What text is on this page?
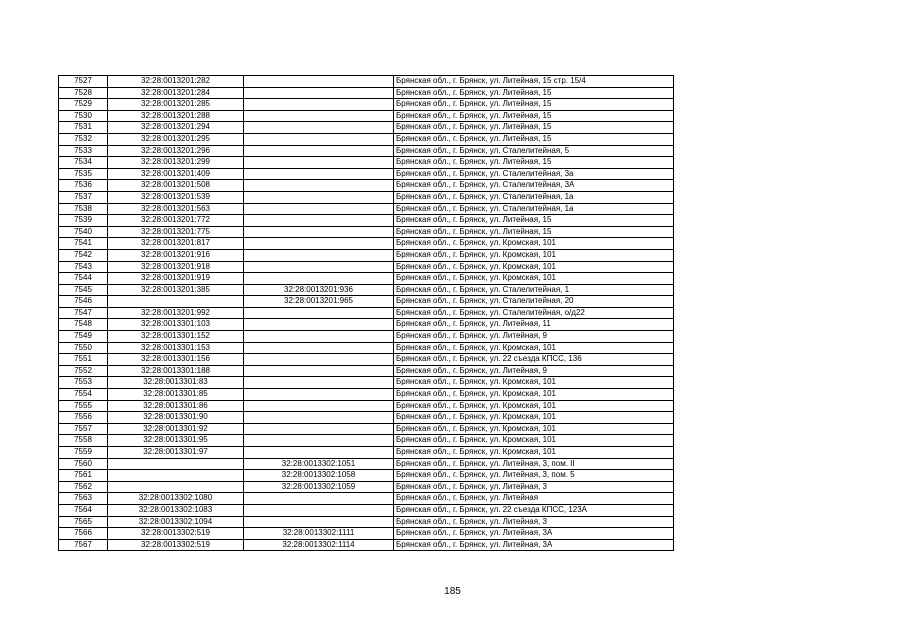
7527	32:28:0013201:282		Брянская обл., г. Брянск, ул. Литейная, 15 стр. 15/4
7528	32:28:0013201:284		Брянская обл., г. Брянск, ул. Литейная, 15
7529	32:28:0013201:285		Брянская обл., г. Брянск, ул. Литейная, 15
7530	32:28:0013201:288		Брянская обл., г. Брянск, ул. Литейная, 15
7531	32:28:0013201:294		Брянская обл., г. Брянск, ул. Литейная, 15
7532	32:28:0013201:295		Брянская обл., г. Брянск, ул. Литейная, 15
7533	32:28:0013201:296		Брянская обл., г. Брянск, ул. Сталелитейная, 5
7534	32:28:0013201:299		Брянская обл., г. Брянск, ул. Литейная, 15
7535	32:28:0013201:409		Брянская обл., г. Брянск, ул. Сталелитейная, 3а
7536	32:28:0013201:508		Брянская обл., г. Брянск, ул. Сталелитейная, 3А
7537	32:28:0013201:539		Брянская обл., г. Брянск, ул. Сталелитейная, 1а
7538	32:28:0013201:563		Брянская обл., г. Брянск, ул. Сталелитейная, 1а
7539	32:28:0013201:772		Брянская обл., г. Брянск, ул. Литейная, 15
7540	32:28:0013201:775		Брянская обл., г. Брянск, ул. Литейная, 15
7541	32:28:0013201:817		Брянская обл., г. Брянск, ул. Кромская, 101
7542	32:28:0013201:916		Брянская обл., г. Брянск, ул. Кромская, 101
7543	32:28:0013201:918		Брянская обл., г. Брянск, ул. Кромская, 101
7544	32:28:0013201:919		Брянская обл., г. Брянск, ул. Кромская, 101
7545	32:28:0013201:385	32:28:0013201:936	Брянская обл., г. Брянск, ул. Сталелитейная, 1
7546		32:28:0013201:965	Брянская обл., г. Брянск, ул. Сталелитейная, 20
7547	32:28:0013201:992		Брянская обл., г. Брянск, ул. Сталелитейная, о/д22
7548	32:28:0013301:103		Брянская обл., г. Брянск, ул. Литейная, 11
7549	32:28:0013301:152		Брянская обл., г. Брянск, ул. Литейная, 9
7550	32:28:0013301:153		Брянская обл., г. Брянск, ул. Кромская, 101
7551	32:28:0013301:156		Брянская обл., г. Брянск, ул. 22 съезда КПСС, 136
7552	32:28:0013301:188		Брянская обл., г. Брянск, ул. Литейная, 9
7553	32:28:0013301:83		Брянская обл., г. Брянск, ул. Кромская, 101
7554	32:28:0013301:85		Брянская обл., г. Брянск, ул. Кромская, 101
7555	32:28:0013301:86		Брянская обл., г. Брянск, ул. Кромская, 101
7556	32:28:0013301:90		Брянская обл., г. Брянск, ул. Кромская, 101
7557	32:28:0013301:92		Брянская обл., г. Брянск, ул. Кромская, 101
7558	32:28:0013301:95		Брянская обл., г. Брянск, ул. Кромская, 101
7559	32:28:0013301:97		Брянская обл., г. Брянск, ул. Кромская, 101
7560		32:28:0013302:1051	Брянская обл., г. Брянск, ул. Литейная, 3, пом. II
7561		32:28:0013302:1058	Брянская обл., г. Брянск, ул. Литейная, 3, пом. 5
7562		32:28:0013302:1059	Брянская обл., г. Брянск, ул. Литейная, 3
7563	32:28:0013302:1080		Брянская обл., г. Брянск, ул. Литейная
7564	32:28:0013302:1083		Брянская обл., г. Брянск, ул. 22 съезда КПСС, 123А
7565	32:28:0013302:1094		Брянская обл., г. Брянск, ул. Литейная, 3
7566	32:28:0013302:519	32:28:0013302:1111	Брянская обл., г. Брянск, ул. Литейная, 3А
7567	32:28:0013302:519	32:28:0013302:1114	Брянская обл., г. Брянск, ул. Литейная, 3А
185
